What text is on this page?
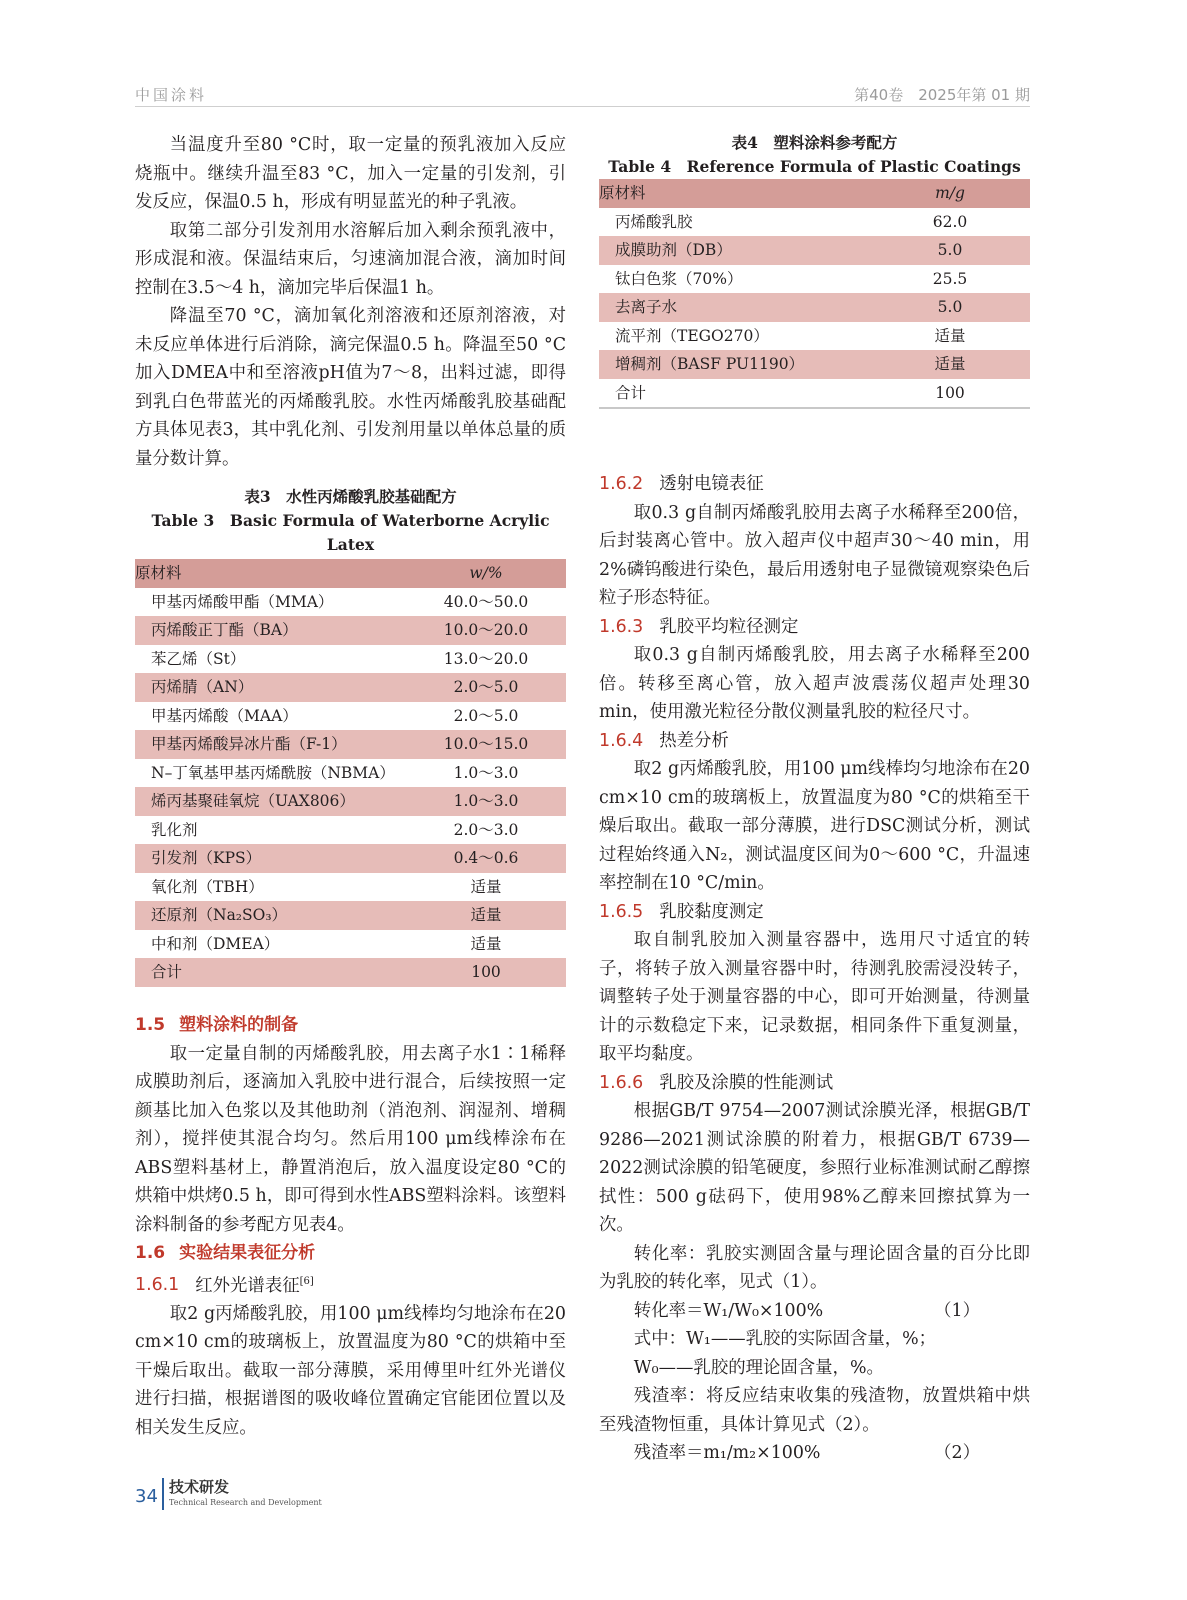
中国涂料	第40卷　2025年第 01 期

当温度升至80 °C时，取一定量的预乳液加入反应烧瓶中。继续升温至83 °C，加入一定量的引发剂，引发反应，保温0.5 h，形成有明显蓝光的种子乳液。

取第二部分引发剂用水溶解后加入剩余预乳液中，形成混和液。保温结束后，匀速滴加混合液，滴加时间控制在3.5～4 h，滴加完毕后保温1 h。

降温至70 °C，滴加氧化剂溶液和还原剂溶液，对未反应单体进行后消除，滴完保温0.5 h。降温至50 °C加入DMEA中和至溶液pH值为7～8，出料过滤，即得到乳白色带蓝光的丙烯酸乳胶。水性丙烯酸乳胶基础配方具体见表3，其中乳化剂、引发剂用量以单体总量的质量分数计算。

表3　水性丙烯酸乳胶基础配方
Table 3　Basic Formula of Waterborne Acrylic Latex
原材料	w/%
甲基丙烯酸甲酯（MMA）	40.0～50.0
丙烯酸正丁酯（BA）	10.0～20.0
苯乙烯（St）	13.0～20.0
丙烯腈（AN）	2.0～5.0
甲基丙烯酸（MAA）	2.0～5.0
甲基丙烯酸异冰片酯（F-1）	10.0～15.0
N–丁氧基甲基丙烯酰胺（NBMA）	1.0～3.0
烯丙基聚硅氧烷（UAX806）	1.0～3.0
乳化剂	2.0～3.0
引发剂（KPS）	0.4～0.6
氧化剂（TBH）	适量
还原剂（Na₂SO₃）	适量
中和剂（DMEA）	适量
合计	100
1.5 塑料涂料的制备

取一定量自制的丙烯酸乳胶，用去离子水1∶1稀释成膜助剂后，逐滴加入乳胶中进行混合，后续按照一定颜基比加入色浆以及其他助剂（消泡剂、润湿剂、增稠剂），搅拌使其混合均匀。然后用100 μm线棒涂布在ABS塑料基材上，静置消泡后，放入温度设定80 °C的烘箱中烘烤0.5 h，即可得到水性ABS塑料涂料。该塑料涂料制备的参考配方见表4。

1.6 实验结果表征分析
1.6.1 红外光谱表征[6]

取2 g丙烯酸乳胶，用100 μm线棒均匀地涂布在20 cm×10 cm的玻璃板上，放置温度为80 °C的烘箱中至干燥后取出。截取一部分薄膜，采用傅里叶红外光谱仪进行扫描，根据谱图的吸收峰位置确定官能团位置以及相关发生反应。

表4　塑料涂料参考配方
Table 4　Reference Formula of Plastic Coatings
原材料	m/g
丙烯酸乳胶	62.0
成膜助剂（DB）	5.0
钛白色浆（70%）	25.5
去离子水	5.0
流平剂（TEGO270）	适量
增稠剂（BASF PU1190）	适量
合计	100
1.6.2 透射电镜表征

取0.3 g自制丙烯酸乳胶用去离子水稀释至200倍，后封装离心管中。放入超声仪中超声30～40 min，用2%磷钨酸进行染色，最后用透射电子显微镜观察染色后粒子形态特征。

1.6.3 乳胶平均粒径测定

取0.3 g自制丙烯酸乳胶，用去离子水稀释至200倍。转移至离心管，放入超声波震荡仪超声处理30 min，使用激光粒径分散仪测量乳胶的粒径尺寸。

1.6.4 热差分析

取2 g丙烯酸乳胶，用100 μm线棒均匀地涂布在20 cm×10 cm的玻璃板上，放置温度为80 °C的烘箱至干燥后取出。截取一部分薄膜，进行DSC测试分析，测试过程始终通入N₂，测试温度区间为0～600 °C，升温速率控制在10 °C/min。

1.6.5 乳胶黏度测定

取自制乳胶加入测量容器中，选用尺寸适宜的转子，将转子放入测量容器中时，待测乳胶需浸没转子，调整转子处于测量容器的中心，即可开始测量，待测量计的示数稳定下来，记录数据，相同条件下重复测量，取平均黏度。

1.6.6 乳胶及涂膜的性能测试

根据GB/T 9754—2007测试涂膜光泽，根据GB/T 9286—2021测试涂膜的附着力，根据GB/T 6739—2022测试涂膜的铅笔硬度，参照行业标准测试耐乙醇擦拭性：500 g砝码下，使用98%乙醇来回擦拭算为一次。

转化率：乳胶实测固含量与理论固含量的百分比即为乳胶的转化率，见式（1）。

转化率＝W₁/W₀×100%	（1）

式中：W₁——乳胶的实际固含量，%；

W₀——乳胶的理论固含量，%。

残渣率：将反应结束收集的残渣物，放置烘箱中烘至残渣物恒重，具体计算见式（2）。

残渣率＝m₁/m₂×100%	（2）
34 技术研发
Technical Research and Development
